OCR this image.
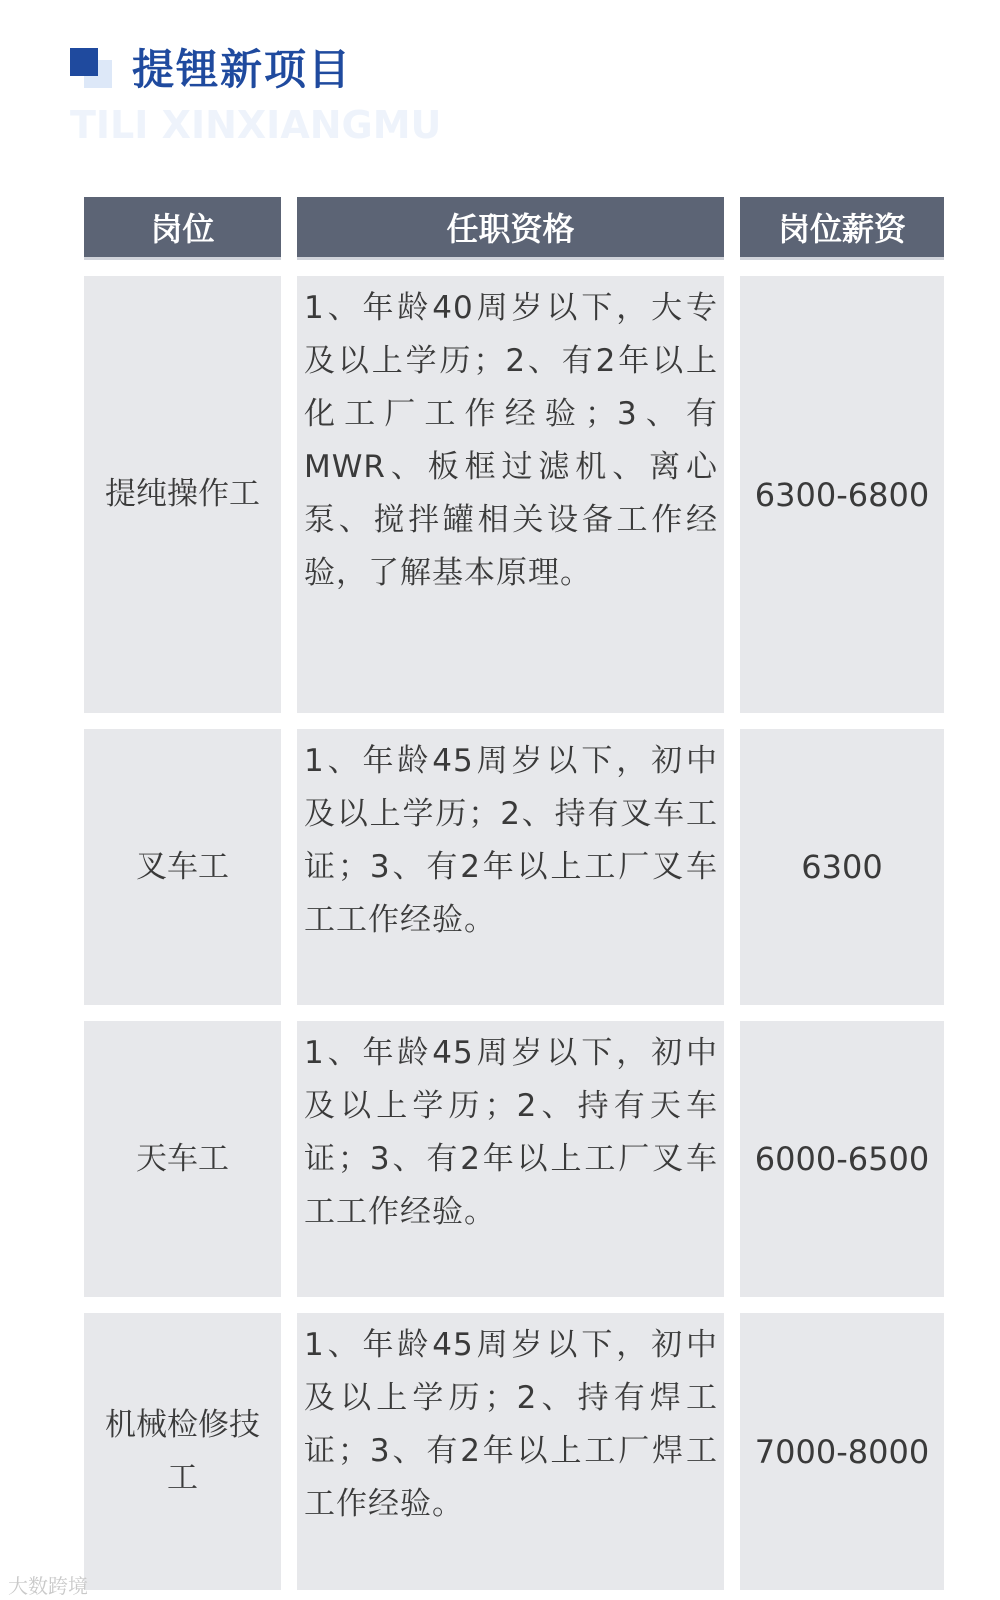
提锂新项目
TILI XINXIANGMU
岗位	任职资格	岗位薪资
提纯操作工
1、年龄40周岁以下，大专及以上学历；2、有2年以上化工厂工作经验；3、有MWR、板框过滤机、离心泵、搅拌罐相关设备工作经验，了解基本原理。
6300-6800
叉车工
1、年龄45周岁以下，初中及以上学历；2、持有叉车工证；3、有2年以上工厂叉车工工作经验。
6300
天车工
1、年龄45周岁以下，初中及以上学历；2、持有天车证；3、有2年以上工厂叉车工工作经验。
6000-6500
机械检修技工
1、年龄45周岁以下，初中及以上学历；2、持有焊工证；3、有2年以上工厂焊工工作经验。
7000-8000
大数跨境
